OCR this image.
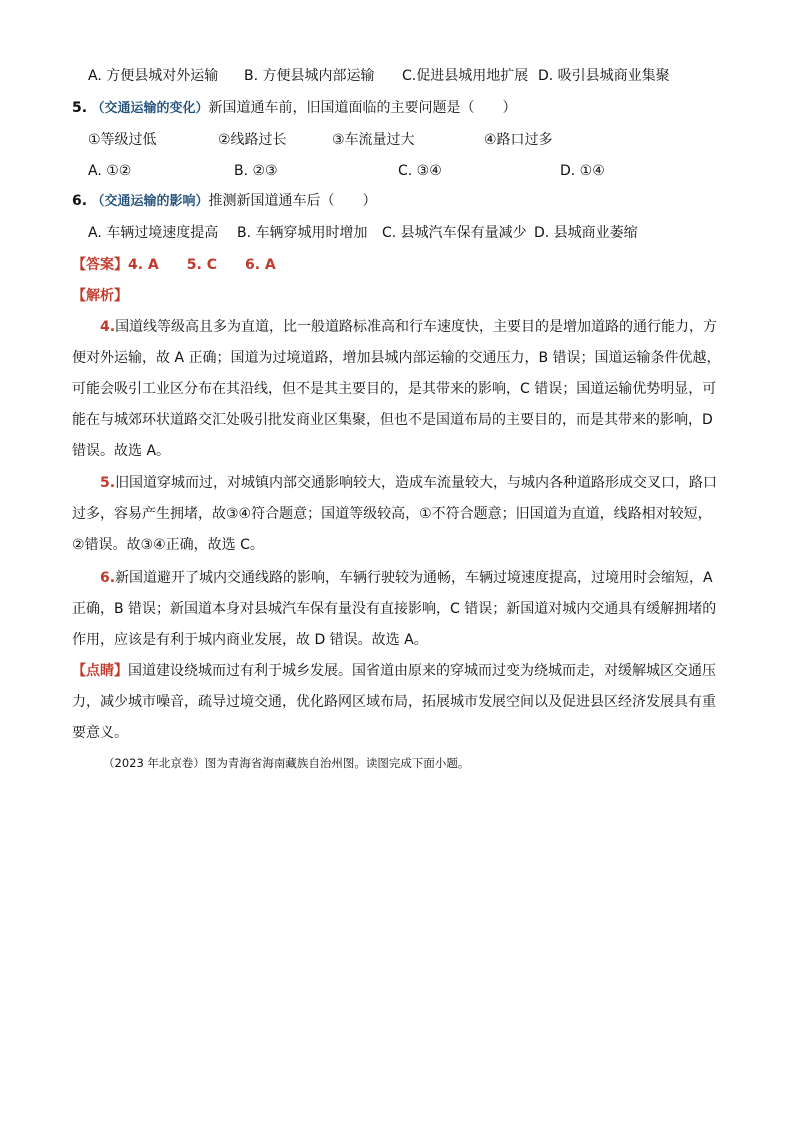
A. 方便县城对外运输 B. 方便县城内部运输 C.促进县城用地扩展 D. 吸引县城商业集聚
5. （交通运输的变化）新国道通车前，旧国道面临的主要问题是（　　）
①等级过低	②线路过长	③车流量过大	④路口过多
A. ①②	B. ②③	C. ③④	D. ①④
6. （交通运输的影响）推测新国道通车后（　　）
A. 车辆过境速度提高 B. 车辆穿城用时增加 C. 县城汽车保有量减少 D. 县城商业萎缩
【答案】4. A　　5. C　　6. A
【解析】
4.国道线等级高且多为直道，比一般道路标准高和行车速度快，主要目的是增加道路的通行能力，方便对外运输，故 A 正确；国道为过境道路，增加县城内部运输的交通压力，B 错误；国道运输条件优越，可能会吸引工业区分布在其沿线，但不是其主要目的，是其带来的影响，C 错误；国道运输优势明显，可能在与城郊环状道路交汇处吸引批发商业区集聚，但也不是国道布局的主要目的，而是其带来的影响，D 错误。故选 A。
5.旧国道穿城而过，对城镇内部交通影响较大，造成车流量较大，与城内各种道路形成交叉口，路口过多，容易产生拥堵，故③④符合题意；国道等级较高，①不符合题意；旧国道为直道，线路相对较短，②错误。故③④正确，故选 C。
6.新国道避开了城内交通线路的影响，车辆行驶较为通畅，车辆过境速度提高，过境用时会缩短，A 正确，B 错误；新国道本身对县城汽车保有量没有直接影响，C 错误；新国道对城内交通具有缓解拥堵的作用，应该是有利于城内商业发展，故 D 错误。故选 A。
【点睛】国道建设绕城而过有利于城乡发展。国省道由原来的穿城而过变为绕城而走，对缓解城区交通压力，减少城市噪音，疏导过境交通，优化路网区域布局，拓展城市发展空间以及促进县区经济发展具有重要意义。
（2023 年北京卷）图为青海省海南藏族自治州图。读图完成下面小题。
